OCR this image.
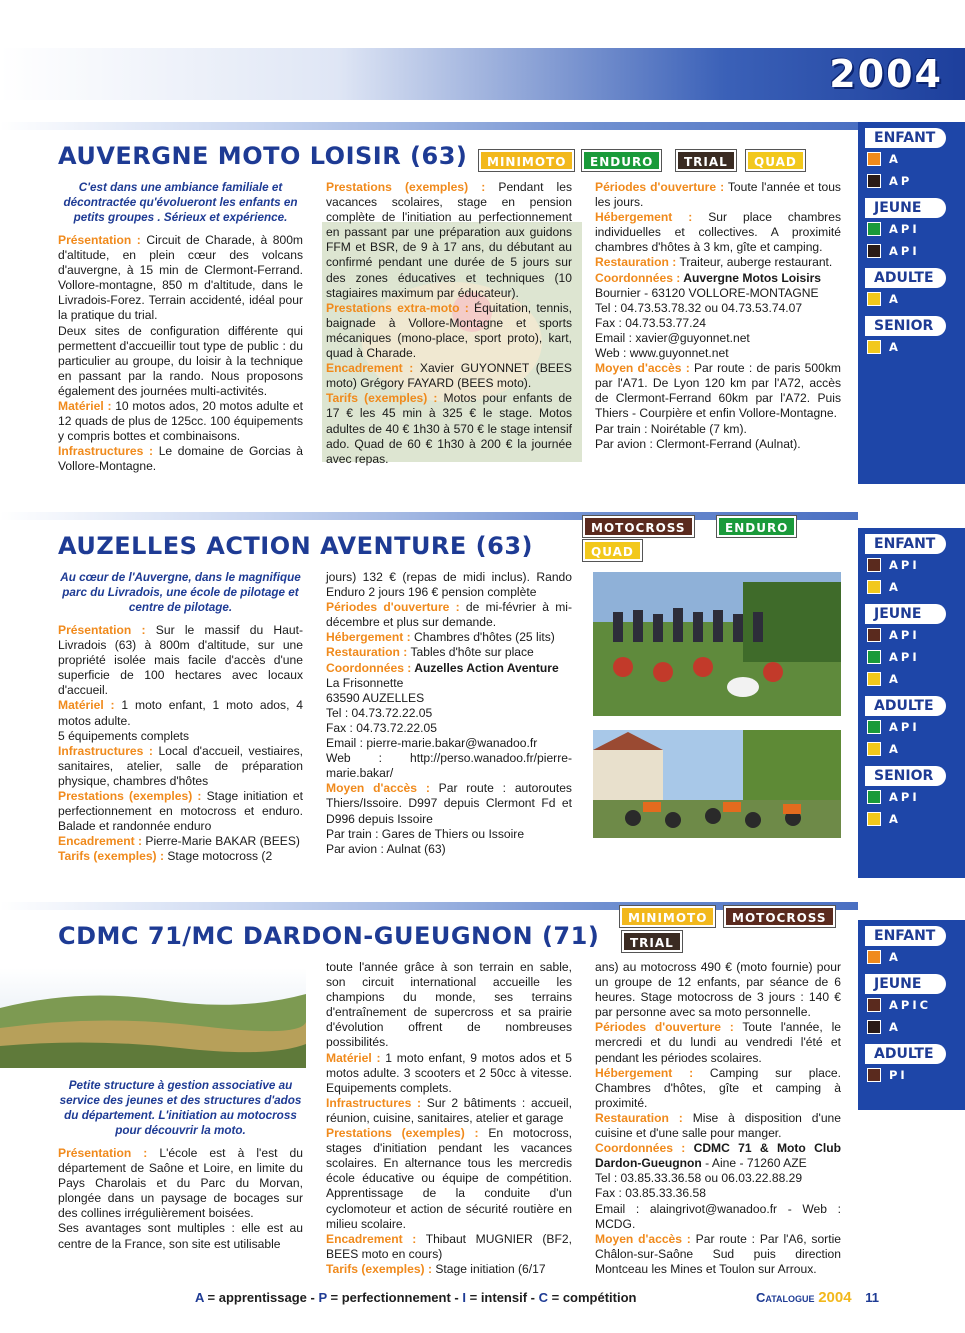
2004
ENFANT
A
AP
JEUNE
API
API
ADULTE
A
SENIOR
A
AUVERGNE MOTO LOISIR (63)	MINIMOTO	ENDURO	TRIAL	QUAD

C'est dans une ambiance familiale et décontractée qu'évolueront les enfants en petits groupes . Sérieux et expérience.

Présentation : Circuit de Charade, à 800m d'altitude, en plein cœur des volcans d'auvergne, à 15 min de Clermont-Ferrand. Vollore-montagne, 850 m d'altitude, dans le Livradois-Forez. Terrain accidenté, idéal pour la pratique du trial.

Deux sites de configuration différente qui permettent d'accueillir tout type de public : du particulier au groupe, du loisir à la technique en passant par la rando. Nous proposons également des journées multi-activités.

Matériel : 10 motos ados, 20 motos adulte et 12 quads de plus de 125cc. 100 équipements y compris bottes et combinaisons.

Infrastructures : Le domaine de Gorcias à Vollore-Montagne.

Prestations (exemples) : Pendant les vacances scolaires, stage en pension complète de l'initiation au perfectionnement en passant par une préparation aux guidons FFM et BSR, de 9 à 17 ans, du débutant au confirmé pendant une durée de 5 jours sur des zones éducatives et techniques (10 stagiaires maximum par éducateur).

Prestations extra-moto : Équitation, tennis, baignade à Vollore-Montagne et sports mécaniques (mono-place, sport proto), kart, quad à Charade.

Encadrement : Xavier GUYONNET (BEES moto) Grégory FAYARD (BEES moto).

Tarifs (exemples) : Motos pour enfants de 17 € les 45 min à 325 € le stage. Motos adultes de 40 € 1h30 à 570 € le stage intensif ado. Quad de 60 € 1h30 à 200 € la journée avec repas.

Périodes d'ouverture : Toute l'année et tous les jours.

Hébergement : Sur place chambres individuelles et collectives. A proximité chambres d'hôtes à 3 km, gîte et camping.

Restauration : Traiteur, auberge restaurant.

Coordonnées : Auvergne Motos Loisirs

Bournier - 63120 VOLLORE-MONTAGNE

Tel : 04.73.53.78.32 ou 04.73.53.74.07

Fax : 04.73.53.77.24

Email : xavier@guyonnet.net

Web : www.guyonnet.net

Moyen d'accès : Par route : de paris 500km par l'A71. De Lyon 120 km par l'A72, accès de Clermont-Ferrand 60km par l'A72. Puis Thiers - Courpière et enfin Vollore-Montagne.

Par train : Noirétable (7 km).

Par avion : Clermont-Ferrand (Aulnat).

ENFANT
API
A
JEUNE
API
API
A
ADULTE
API
A
SENIOR
API
A
AUZELLES ACTION AVENTURE (63)
MOTOCROSS	ENDURO
QUAD

Au cœur de l'Auvergne, dans le magnifique parc du Livradois, une école de pilotage et centre de pilotage.

Présentation : Sur le massif du Haut-Livradois (63) à 800m d'altitude, sur une propriété isolée mais facile d'accès d'une superficie de 100 hectares avec locaux d'accueil.

Matériel : 1 moto enfant, 1 moto ados, 4 motos adulte.

5 équipements complets

Infrastructures : Local d'accueil, vestiaires, sanitaires, atelier, salle de préparation physique, chambres d'hôtes

Prestations (exemples) : Stage initiation et perfectionnement en motocross et enduro. Balade et randonnée enduro

Encadrement : Pierre-Marie BAKAR (BEES)

Tarifs (exemples) : Stage motocross (2

jours) 132 € (repas de midi inclus). Rando Enduro 2 jours 196 € pension complète

Périodes d'ouverture : de mi-février à mi-décembre et plus sur demande.

Hébergement : Chambres d'hôtes (25 lits)

Restauration : Tables d'hôte sur place

Coordonnées : Auzelles Action Aventure

La Frisonnette

63590 AUZELLES

Tel : 04.73.72.22.05

Fax : 04.73.72.22.05

Email : pierre-marie.bakar@wanadoo.fr

Web : http://perso.wanadoo.fr/pierre-marie.bakar/

Moyen d'accès : Par route : autoroutes Thiers/Issoire. D997 depuis Clermont Fd et D996 depuis Issoire

Par train : Gares de Thiers ou Issoire

Par avion : Aulnat (63)

ENFANT
A
JEUNE
APIC
A
ADULTE
PI
CDMC 71/MC DARDON-GUEUGNON (71)
MINIMOTO	MOTOCROSS
TRIAL

Petite structure à gestion associative au service des jeunes et des structures d'ados du département. L'initiation au motocross pour découvrir la moto.

Présentation : L'école est à l'est du département de Saône et Loire, en limite du Pays Charolais et du Parc du Morvan, plongée dans un paysage de bocages sur des collines irrégulièrement boisées.

Ses avantages sont multiples : elle est au centre de la France, son site est utilisable

toute l'année grâce à son terrain en sable, son circuit international accueille les champions du monde, ses terrains d'entraînement de supercross et sa prairie d'évolution offrent de nombreuses possibilités.

Matériel : 1 moto enfant, 9 motos ados et 5 motos adulte. 3 scooters et 2 50cc à vitesse. Equipements complets.

Infrastructures : Sur 2 bâtiments : accueil, réunion, cuisine, sanitaires, atelier et garage

Prestations (exemples) : En motocross, stages d'initiation pendant les vacances scolaires. En alternance tous les mercredis école éducative ou équipe de compétition. Apprentissage de la conduite d'un cyclomoteur et action de sécurité routière en milieu scolaire.

Encadrement : Thibaut MUGNIER (BF2, BEES moto en cours)

Tarifs (exemples) : Stage initiation (6/17

ans) au motocross 490 € (moto fournie) pour un groupe de 12 enfants, par séance de 6 heures. Stage motocross de 3 jours : 140 € par personne avec sa moto personnelle.

Périodes d'ouverture : Toute l'année, le mercredi et du lundi au vendredi l'été et pendant les périodes scolaires.

Hébergement : Camping sur place. Chambres d'hôtes, gîte et camping à proximité.

Restauration : Mise à disposition d'une cuisine et d'une salle pour manger.

Coordonnées : CDMC 71 & Moto Club Dardon-Gueugnon - Aine - 71260 AZE

Tel : 03.85.33.36.58 ou 06.03.22.88.29

Fax : 03.85.33.36.58

Email : alaingrivot@wanadoo.fr - Web : MCDG.

Moyen d'accès : Par route : Par l'A6, sortie Châlon-sur-Saône Sud puis direction Montceau les Mines et Toulon sur Arroux.

A = apprentissage - P = perfectionnement - I = intensif - C = compétition	Catalogue 2004 11
